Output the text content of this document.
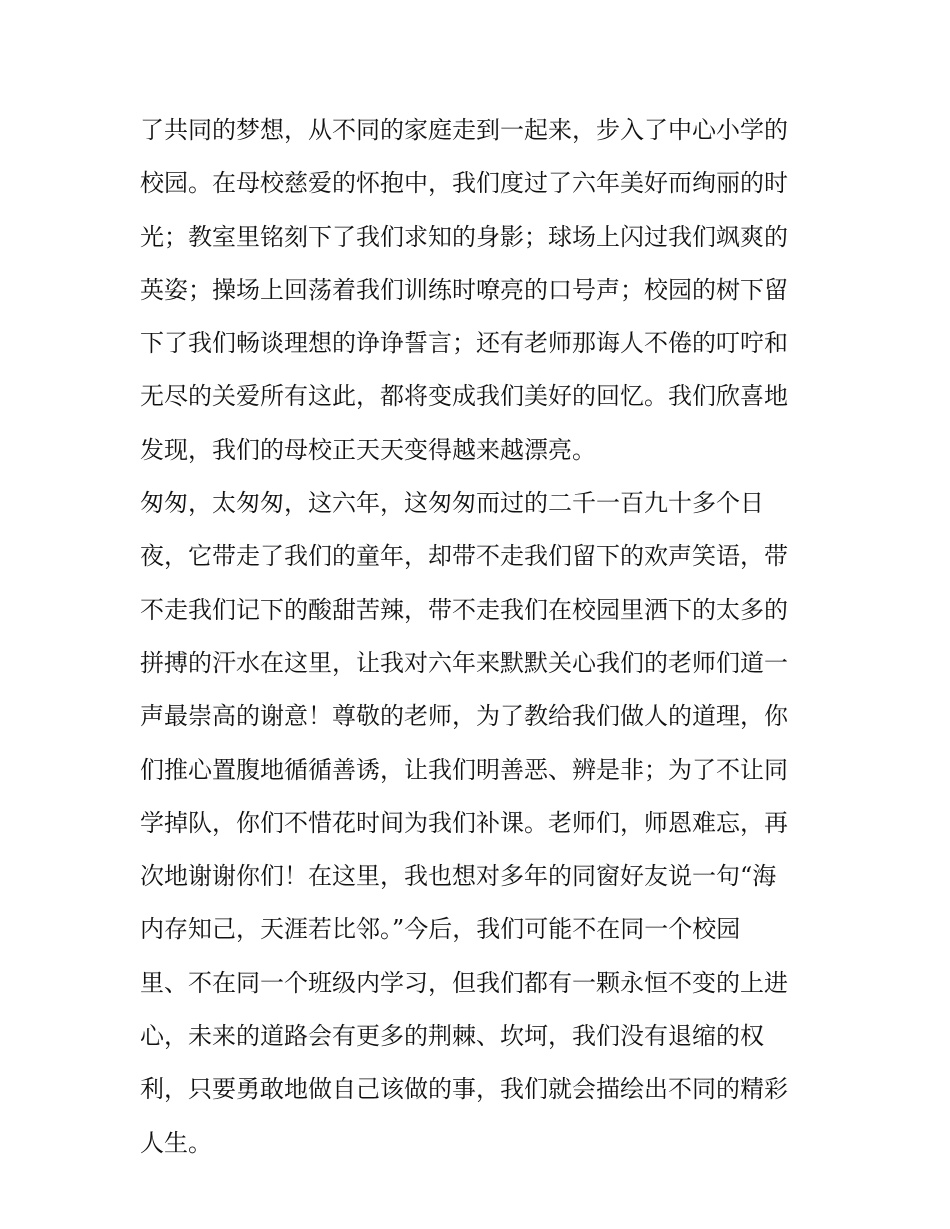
了共同的梦想，从不同的家庭走到一起来，步入了中心小学的
校园。在母校慈爱的怀抱中，我们度过了六年美好而绚丽的时
光；教室里铭刻下了我们求知的身影；球场上闪过我们飒爽的
英姿；操场上回荡着我们训练时嘹亮的口号声；校园的树下留
下了我们畅谈理想的诤诤誓言；还有老师那诲人不倦的叮咛和
无尽的关爱所有这此，都将变成我们美好的回忆。我们欣喜地
发现，我们的母校正天天变得越来越漂亮。
匆匆，太匆匆，这六年，这匆匆而过的二千一百九十多个日
夜，它带走了我们的童年，却带不走我们留下的欢声笑语，带
不走我们记下的酸甜苦辣，带不走我们在校园里洒下的太多的
拼搏的汗水在这里，让我对六年来默默关心我们的老师们道一
声最崇高的谢意！尊敬的老师，为了教给我们做人的道理，你
们推心置腹地循循善诱，让我们明善恶、辨是非；为了不让同
学掉队，你们不惜花时间为我们补课。老师们，师恩难忘，再
次地谢谢你们！在这里，我也想对多年的同窗好友说一句“海
内存知己，天涯若比邻。”今后，我们可能不在同一个校园
里、不在同一个班级内学习，但我们都有一颗永恒不变的上进
心，未来的道路会有更多的荆棘、坎坷，我们没有退缩的权
利，只要勇敢地做自己该做的事，我们就会描绘出不同的精彩
人生。
